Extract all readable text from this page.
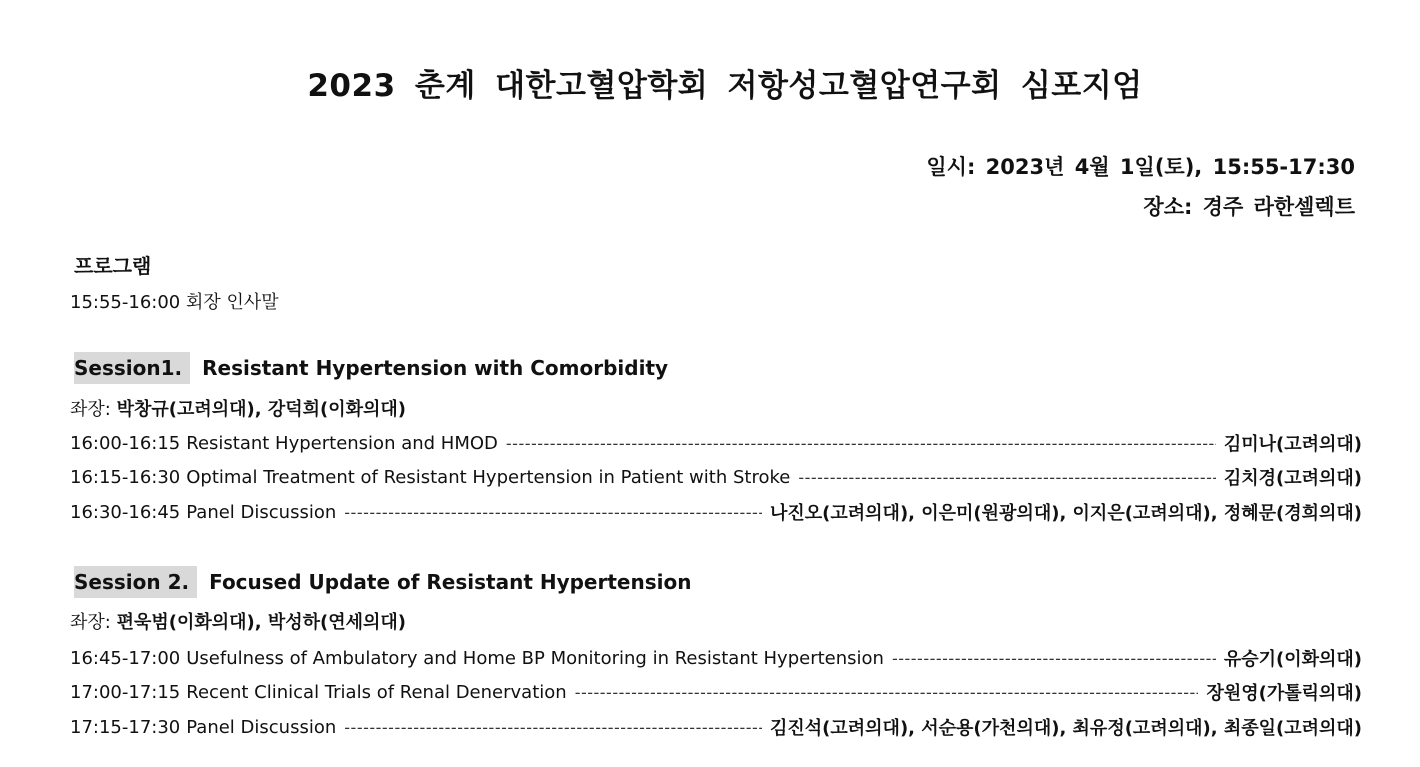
2023 춘계 대한고혈압학회 저항성고혈압연구회 심포지엄
일시: 2023년 4월 1일(토), 15:55-17:30
장소: 경주 라한셀렉트
프로그램
15:55-16:00 회장 인사말
Session1.	Resistant Hypertension with Comorbidity
좌장: 박창규(고려의대), 강덕희(이화의대)
16:00-16:15 Resistant Hypertension and HMOD -----	김미나(고려의대)
16:15-16:30 Optimal Treatment of Resistant Hypertension in Patient with Stroke -----	김치경(고려의대)
16:30-16:45 Panel Discussion -----	나진오(고려의대), 이은미(원광의대), 이지은(고려의대), 정혜문(경희의대)
Session 2.	Focused Update of Resistant Hypertension
좌장: 편욱범(이화의대), 박성하(연세의대)
16:45-17:00 Usefulness of Ambulatory and Home BP Monitoring in Resistant Hypertension -----	유승기(이화의대)
17:00-17:15 Recent Clinical Trials of Renal Denervation -----	장원영(가톨릭의대)
17:15-17:30 Panel Discussion -----	김진석(고려의대), 서순용(가천의대), 최유정(고려의대), 최종일(고려의대)
